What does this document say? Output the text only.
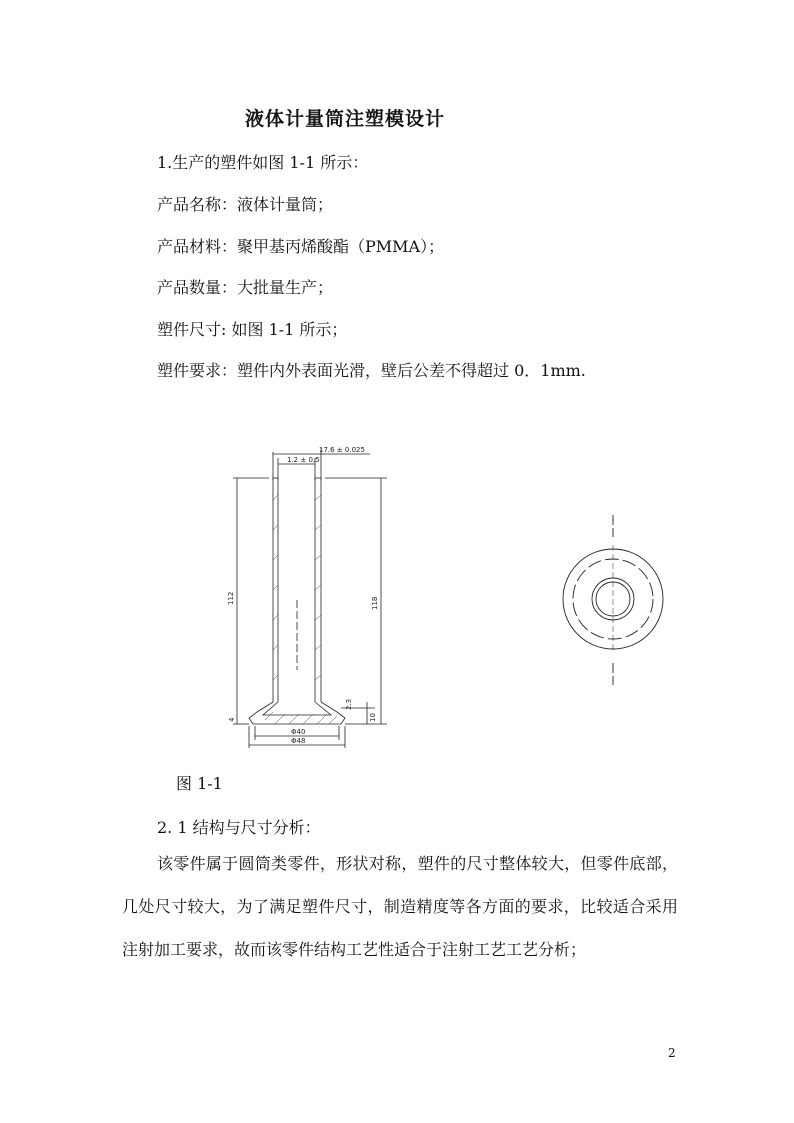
液体计量筒注塑模设计
1.生产的塑件如图 1-1 所示：
产品名称：液体计量筒；
产品材料：聚甲基丙烯酸酯（PMMA）；
产品数量：大批量生产；
塑件尺寸: 如图 1-1 所示；
塑件要求：塑件内外表面光滑，壁后公差不得超过 0．1mm.
17.6 ± 0.025
1.2 ± 0.5
112	118
4
2.3
10
Φ40
Φ48
图 1-1
2. 1 结构与尺寸分析：
该零件属于圆筒类零件，形状对称，塑件的尺寸整体较大，但零件底部，几处尺寸较大，为了满足塑件尺寸，制造精度等各方面的要求，比较适合采用注射加工要求，故而该零件结构工艺性适合于注射工艺工艺分析；
2
